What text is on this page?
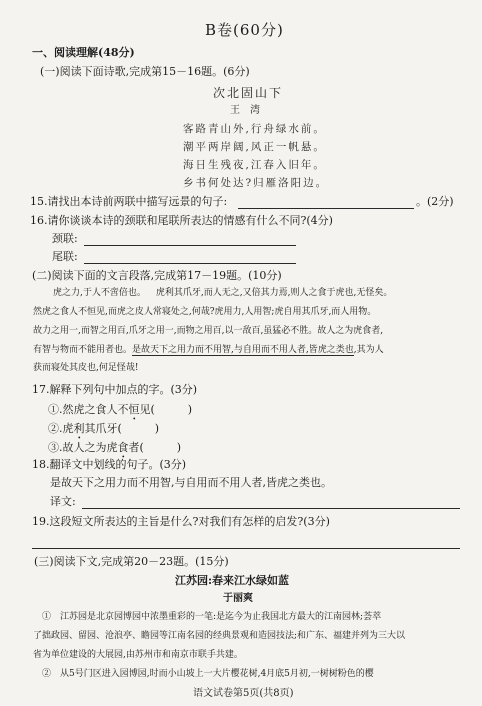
B卷(60分)
一、阅读理解(48分)
(一)阅读下面诗歌,完成第15－16题。(6分)
次北固山下
王　湾
客路青山外,行舟绿水前。
潮平两岸阔,风正一帆悬。
海日生残夜,江春入旧年。
乡书何处达?归雁洛阳边。
15.请找出本诗前两联中描写远景的句子:	。(2分)
16.请你谈谈本诗的颈联和尾联所表达的情感有什么不同?(4分)
颈联:
尾联:
(二)阅读下面的文言段落,完成第17－19题。(10分)
虎之力,于人不啻倍也。 虎利其爪牙,而人无之,又倍其力焉,则人之食于虎也,无怪矣。
然虎之食人不恒见,而虎之皮人常寝处之,何哉?虎用力,人用智;虎自用其爪牙,而人用物。
故力之用一,而智之用百,爪牙之用一,而物之用百,以一敌百,虽猛必不胜。故人之为虎食者,
有智与物而不能用者也。是故天下之用力而不用智,与自用而不用人者,皆虎之类也,其为人
获而寝处其皮也,何足怪哉!
17.解释下列句中加点的字。(3分)
①.然虎之食人不恒见(　　　)
②.虎利其爪牙(　　　)
③.故人之为虎食者(　　　)
18.翻译文中划线的句子。(3分)
是故天下之用力而不用智,与自用而不用人者,皆虎之类也。
译文:
19.这段短文所表达的主旨是什么?对我们有怎样的启发?(3分)
(三)阅读下文,完成第20－23题。(15分)
江苏园:春来江水绿如蓝
于丽爽
①　江苏园是北京园博园中浓墨重彩的一笔:是迄今为止我国北方最大的江南园林;荟萃
了拙政园、留园、沧浪亭、瞻园等江南名园的经典景观和造园技法;和广东、福建并列为三大以
省为单位建设的大展园,由苏州市和南京市联手共建。
②　从5号门区进入园博园,时而小山坡上一大片樱花树,4月底5月初,一树树粉色的樱
语文试卷第5页(共8页)
